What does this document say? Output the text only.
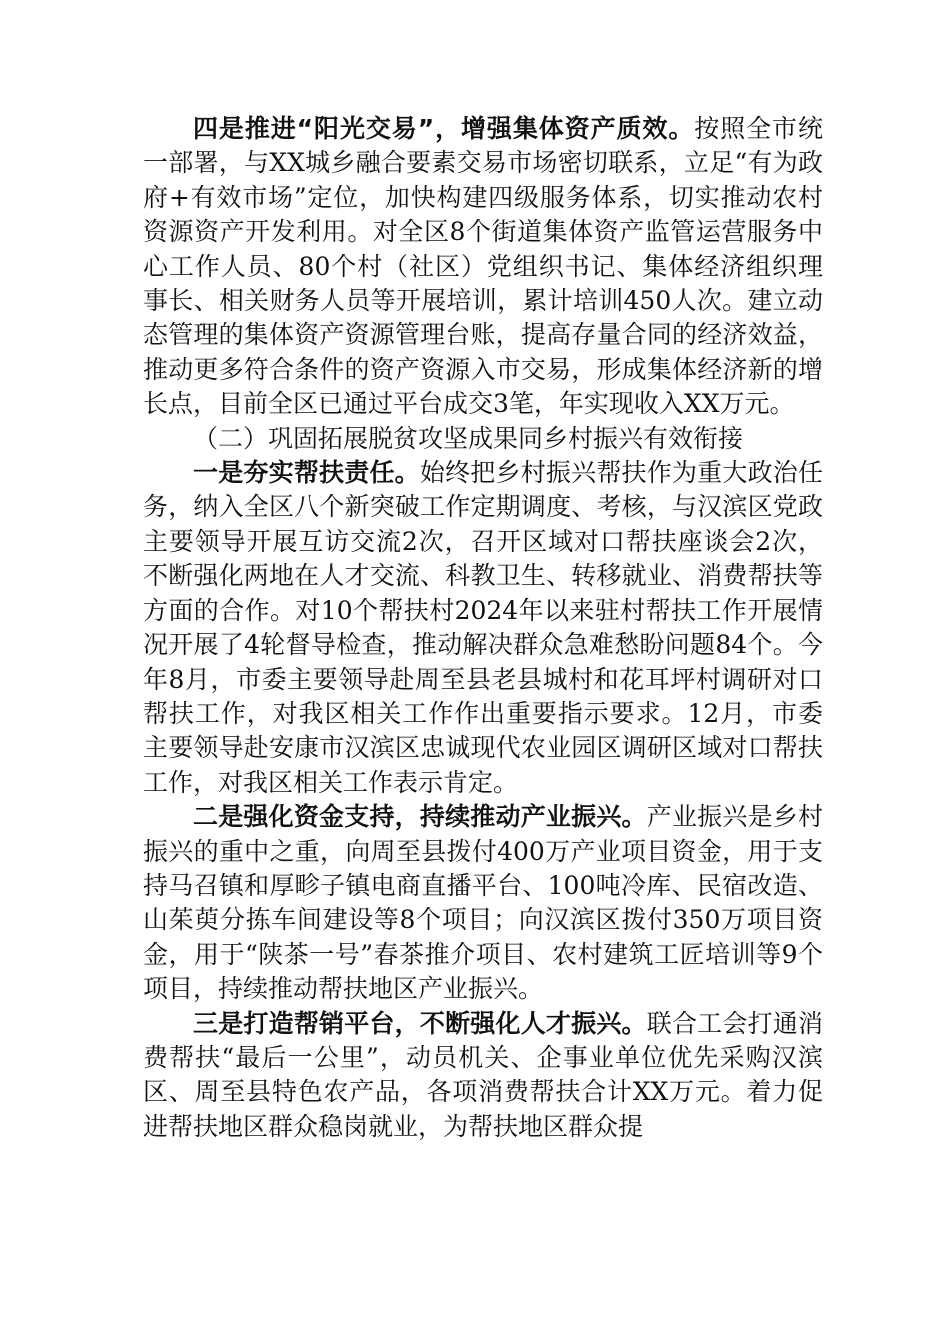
四是推进“阳光交易”，增强集体资产质效。按照全市统一部署，与XX城乡融合要素交易市场密切联系，立足“有为政府+有效市场”定位，加快构建四级服务体系，切实推动农村资源资产开发利用。对全区8个街道集体资产监管运营服务中心工作人员、80个村（社区）党组织书记、集体经济组织理事长、相关财务人员等开展培训，累计培训450人次。建立动态管理的集体资产资源管理台账，提高存量合同的经济效益，推动更多符合条件的资产资源入市交易，形成集体经济新的增长点，目前全区已通过平台成交3笔，年实现收入XX万元。

（二）巩固拓展脱贫攻坚成果同乡村振兴有效衔接

一是夯实帮扶责任。始终把乡村振兴帮扶作为重大政治任务，纳入全区八个新突破工作定期调度、考核，与汉滨区党政主要领导开展互访交流2次，召开区域对口帮扶座谈会2次，不断强化两地在人才交流、科教卫生、转移就业、消费帮扶等方面的合作。对10个帮扶村2024年以来驻村帮扶工作开展情况开展了4轮督导检查，推动解决群众急难愁盼问题84个。今年8月，市委主要领导赴周至县老县城村和花耳坪村调研对口帮扶工作，对我区相关工作作出重要指示要求。12月，市委主要领导赴安康市汉滨区忠诚现代农业园区调研区域对口帮扶工作，对我区相关工作表示肯定。

二是强化资金支持，持续推动产业振兴。产业振兴是乡村振兴的重中之重，向周至县拨付400万产业项目资金，用于支持马召镇和厚畛子镇电商直播平台、100吨冷库、民宿改造、山茱萸分拣车间建设等8个项目；向汉滨区拨付350万项目资金，用于“陕茶一号”春茶推介项目、农村建筑工匠培训等9个项目，持续推动帮扶地区产业振兴。

三是打造帮销平台，不断强化人才振兴。联合工会打通消费帮扶“最后一公里”，动员机关、企事业单位优先采购汉滨区、周至县特色农产品，各项消费帮扶合计XX万元。着力促进帮扶地区群众稳岗就业，为帮扶地区群众提
